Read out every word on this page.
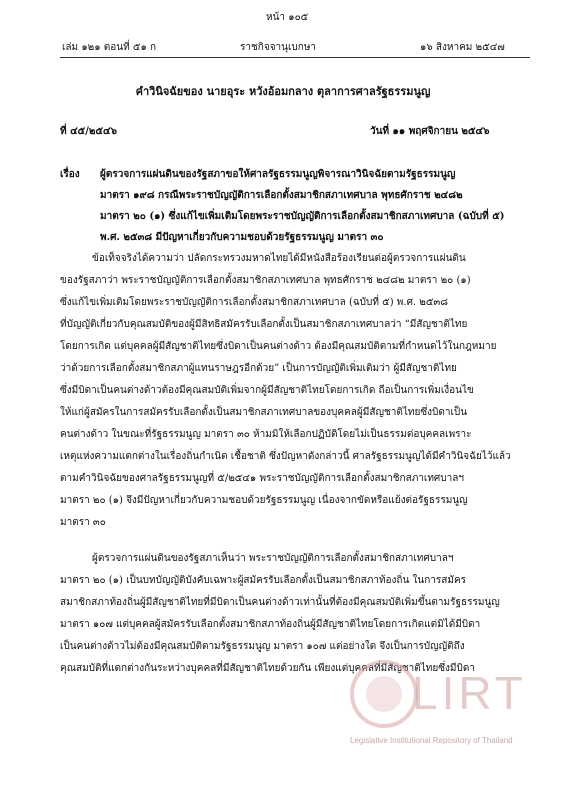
หน้า ๑๐๕
เล่ม ๑๒๑ ตอนที่ ๕๑ ก	ราชกิจจานุเบกษา	๑๖ สิงหาคม ๒๕๔๗
คำวินิจฉัยของ นายอุระ หวังอ้อมกลาง ตุลาการศาลรัฐธรรมนูญ
ที่ ๔๕/๒๕๔๖	วันที่ ๑๑ พฤศจิกายน ๒๕๔๖
เรื่อง ผู้ตรวจการแผ่นดินของรัฐสภาขอให้ศาลรัฐธรรมนูญพิจารณาวินิจฉัยตามรัฐธรรมนูญ
มาตรา ๑๙๘ กรณีพระราชบัญญัติการเลือกตั้งสมาชิกสภาเทศบาล พุทธศักราช ๒๔๘๒
มาตรา ๒๐ (๑) ซึ่งแก้ไขเพิ่มเติมโดยพระราชบัญญัติการเลือกตั้งสมาชิกสภาเทศบาล (ฉบับที่ ๕)
พ.ศ. ๒๕๓๘ มีปัญหาเกี่ยวกับความชอบด้วยรัฐธรรมนูญ มาตรา ๓๐
ข้อเท็จจริงได้ความว่า ปลัดกระทรวงมหาดไทยได้มีหนังสือร้องเรียนต่อผู้ตรวจการแผ่นดิน
ของรัฐสภาว่า พระราชบัญญัติการเลือกตั้งสมาชิกสภาเทศบาล พุทธศักราช ๒๔๘๒ มาตรา ๒๐ (๑)
ซึ่งแก้ไขเพิ่มเติมโดยพระราชบัญญัติการเลือกตั้งสมาชิกสภาเทศบาล (ฉบับที่ ๕) พ.ศ. ๒๕๓๘
ที่บัญญัติเกี่ยวกับคุณสมบัติของผู้มีสิทธิสมัครรับเลือกตั้งเป็นสมาชิกสภาเทศบาลว่า “มีสัญชาติไทย
โดยการเกิด แต่บุคคลผู้มีสัญชาติไทยซึ่งบิดาเป็นคนต่างด้าว ต้องมีคุณสมบัติตามที่กำหนดไว้ในกฎหมาย
ว่าด้วยการเลือกตั้งสมาชิกสภาผู้แทนราษฎรอีกด้วย” เป็นการบัญญัติเพิ่มเติมว่า ผู้มีสัญชาติไทย
ซึ่งมีบิดาเป็นคนต่างด้าวต้องมีคุณสมบัติเพิ่มจากผู้มีสัญชาติไทยโดยการเกิด ถือเป็นการเพิ่มเงื่อนไข
ให้แก่ผู้สมัครในการสมัครรับเลือกตั้งเป็นสมาชิกสภาเทศบาลของบุคคลผู้มีสัญชาติไทยซึ่งบิดาเป็น
คนต่างด้าว ในขณะที่รัฐธรรมนูญ มาตรา ๓๐ ห้ามมิให้เลือกปฏิบัติโดยไม่เป็นธรรมต่อบุคคลเพราะ
เหตุแห่งความแตกต่างในเรื่องถิ่นกำเนิด เชื้อชาติ ซึ่งปัญหาดังกล่าวนี้ ศาลรัฐธรรมนูญได้มีคำวินิจฉัยไว้แล้ว
ตามคำวินิจฉัยของศาลรัฐธรรมนูญที่ ๕/๒๕๔๑ พระราชบัญญัติการเลือกตั้งสมาชิกสภาเทศบาลฯ
มาตรา ๒๐ (๑) จึงมีปัญหาเกี่ยวกับความชอบด้วยรัฐธรรมนูญ เนื่องจากขัดหรือแย้งต่อรัฐธรรมนูญ
มาตรา ๓๐
ผู้ตรวจการแผ่นดินของรัฐสภาเห็นว่า พระราชบัญญัติการเลือกตั้งสมาชิกสภาเทศบาลฯ
มาตรา ๒๐ (๑) เป็นบทบัญญัติบังคับเฉพาะผู้สมัครรับเลือกตั้งเป็นสมาชิกสภาท้องถิ่น ในการสมัคร
สมาชิกสภาท้องถิ่นผู้มีสัญชาติไทยที่มีบิดาเป็นคนต่างด้าวเท่านั้นที่ต้องมีคุณสมบัติเพิ่มขึ้นตามรัฐธรรมนูญ
มาตรา ๑๐๗ แต่บุคคลผู้สมัครรับเลือกตั้งสมาชิกสภาท้องถิ่นผู้มีสัญชาติไทยโดยการเกิดแต่มิได้มีบิดา
เป็นคนต่างด้าวไม่ต้องมีคุณสมบัติตามรัฐธรรมนูญ มาตรา ๑๐๗ แต่อย่างใด จึงเป็นการบัญญัติถึง
คุณสมบัติที่แตกต่างกันระหว่างบุคคลที่มีสัญชาติไทยด้วยกัน เพียงแต่บุคคลที่มีสัญชาติไทยซึ่งมีบิดา
LIRT
Legislative Institutional Repository of Thailand
